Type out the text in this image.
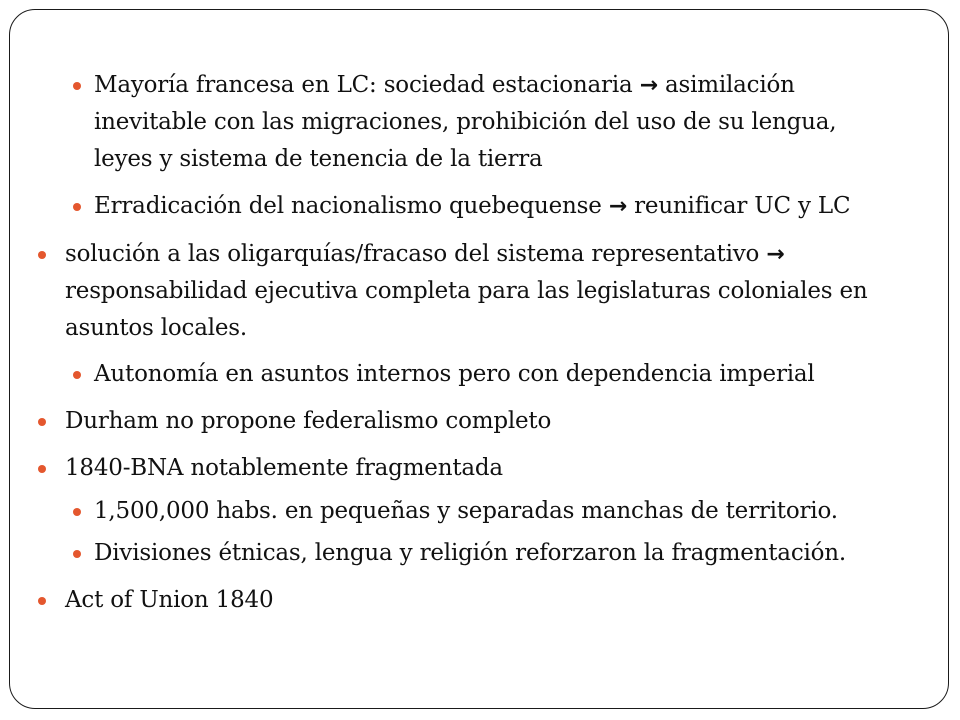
Mayoría francesa en LC: sociedad estacionaria → asimilación
inevitable con las migraciones, prohibición del uso de su lengua,
leyes y sistema de tenencia de la tierra
Erradicación del nacionalismo quebequense → reunificar UC y LC
solución a las oligarquías/fracaso del sistema representativo →
responsabilidad ejecutiva completa para las legislaturas coloniales en
asuntos locales.
Autonomía en asuntos internos pero con dependencia imperial
Durham no propone federalismo completo
1840-BNA notablemente fragmentada
1,500,000 habs. en pequeñas y separadas manchas de territorio.
Divisiones étnicas, lengua y religión reforzaron la fragmentación.
Act of Union 1840
